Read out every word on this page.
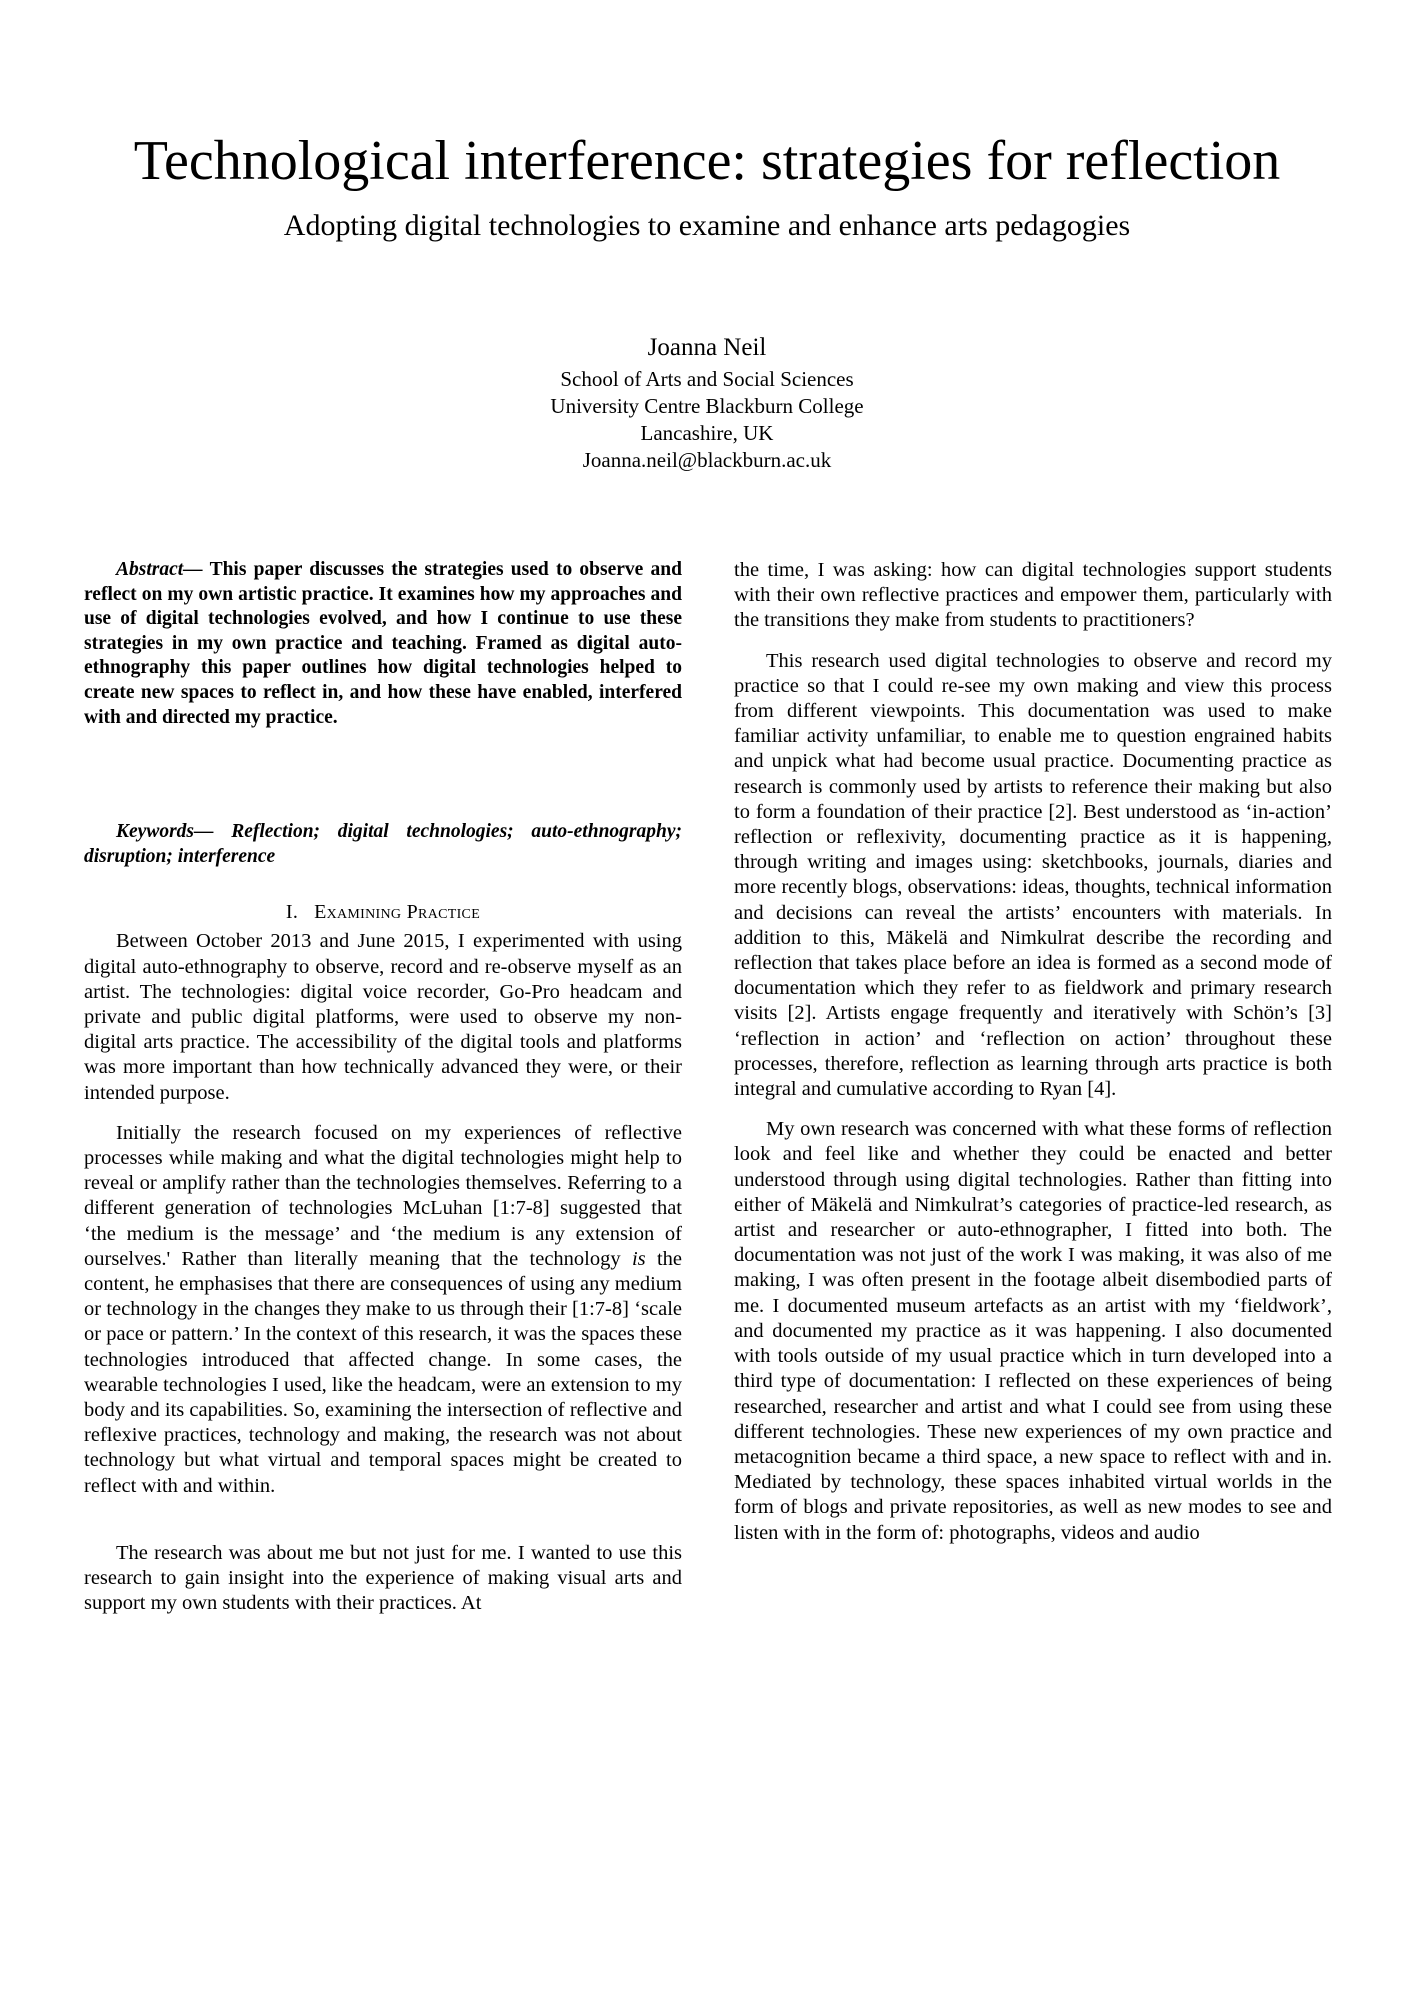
Technological interference: strategies for reflection
Adopting digital technologies to examine and enhance arts pedagogies
Joanna Neil
School of Arts and Social Sciences
University Centre Blackburn College
Lancashire, UK
Joanna.neil@blackburn.ac.uk

Abstract— This paper discusses the strategies used to observe and reflect on my own artistic practice. It examines how my approaches and use of digital technologies evolved, and how I continue to use these strategies in my own practice and teaching. Framed as digital auto-ethnography this paper outlines how digital technologies helped to create new spaces to reflect in, and how these have enabled, interfered with and directed my practice.

Keywords— Reflection; digital technologies; auto-ethnography; disruption; interference

I. Examining Practice

Between October 2013 and June 2015, I experimented with using digital auto-ethnography to observe, record and re-observe myself as an artist. The technologies: digital voice recorder, Go-Pro headcam and private and public digital platforms, were used to observe my non-digital arts practice. The accessibility of the digital tools and platforms was more important than how technically advanced they were, or their intended purpose.

Initially the research focused on my experiences of reflective processes while making and what the digital technologies might help to reveal or amplify rather than the technologies themselves. Referring to a different generation of technologies McLuhan [1:7-8] suggested that ‘the medium is the message’ and ‘the medium is any extension of ourselves.' Rather than literally meaning that the technology is the content, he emphasises that there are consequences of using any medium or technology in the changes they make to us through their [1:7-8] ‘scale or pace or pattern.’ In the context of this research, it was the spaces these technologies introduced that affected change. In some cases, the wearable technologies I used, like the headcam, were an extension to my body and its capabilities. So, examining the intersection of reflective and reflexive practices, technology and making, the research was not about technology but what virtual and temporal spaces might be created to reflect with and within.

The research was about me but not just for me. I wanted to use this research to gain insight into the experience of making visual arts and support my own students with their practices. At

the time, I was asking: how can digital technologies support students with their own reflective practices and empower them, particularly with the transitions they make from students to practitioners?

This research used digital technologies to observe and record my practice so that I could re-see my own making and view this process from different viewpoints. This documentation was used to make familiar activity unfamiliar, to enable me to question engrained habits and unpick what had become usual practice. Documenting practice as research is commonly used by artists to reference their making but also to form a foundation of their practice [2]. Best understood as ‘in-action’ reflection or reflexivity, documenting practice as it is happening, through writing and images using: sketchbooks, journals, diaries and more recently blogs, observations: ideas, thoughts, technical information and decisions can reveal the artists’ encounters with materials. In addition to this, Mäkelä and Nimkulrat describe the recording and reflection that takes place before an idea is formed as a second mode of documentation which they refer to as fieldwork and primary research visits [2]. Artists engage frequently and iteratively with Schön’s [3] ‘reflection in action’ and ‘reflection on action’ throughout these processes, therefore, reflection as learning through arts practice is both integral and cumulative according to Ryan [4].

My own research was concerned with what these forms of reflection look and feel like and whether they could be enacted and better understood through using digital technologies. Rather than fitting into either of Mäkelä and Nimkulrat’s categories of practice-led research, as artist and researcher or auto-ethnographer, I fitted into both. The documentation was not just of the work I was making, it was also of me making, I was often present in the footage albeit disembodied parts of me. I documented museum artefacts as an artist with my ‘fieldwork’, and documented my practice as it was happening. I also documented with tools outside of my usual practice which in turn developed into a third type of documentation: I reflected on these experiences of being researched, researcher and artist and what I could see from using these different technologies. These new experiences of my own practice and metacognition became a third space, a new space to reflect with and in. Mediated by technology, these spaces inhabited virtual worlds in the form of blogs and private repositories, as well as new modes to see and listen with in the form of: photographs, videos and audio
